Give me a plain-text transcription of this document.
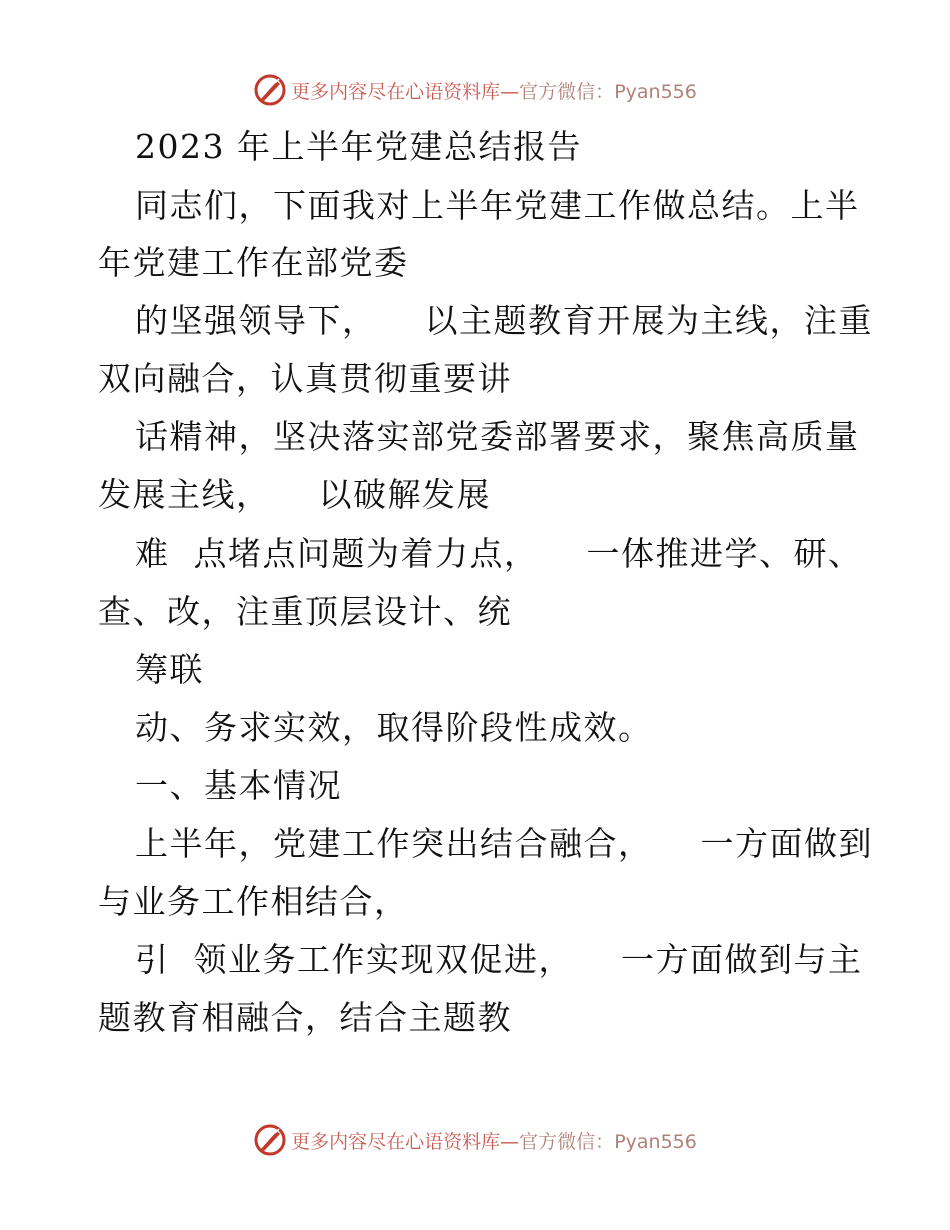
更多内容尽在心语资料库—官方微信：Pyan556
2023 年上半年党建总结报告
同志们，下面我对上半年党建工作做总结。上半
年党建工作在部党委
的坚强领导下，    以主题教育开展为主线，注重
双向融合，认真贯彻重要讲
话精神，坚决落实部党委部署要求，聚焦高质量
发展主线，    以破解发展
难  点堵点问题为着力点，    一体推进学、研、
查、改，注重顶层设计、统
筹联
动、务求实效，取得阶段性成效。
一、基本情况
上半年，党建工作突出结合融合，    一方面做到
与业务工作相结合，
引  领业务工作实现双促进，    一方面做到与主
题教育相融合，结合主题教
更多内容尽在心语资料库—官方微信：Pyan556
